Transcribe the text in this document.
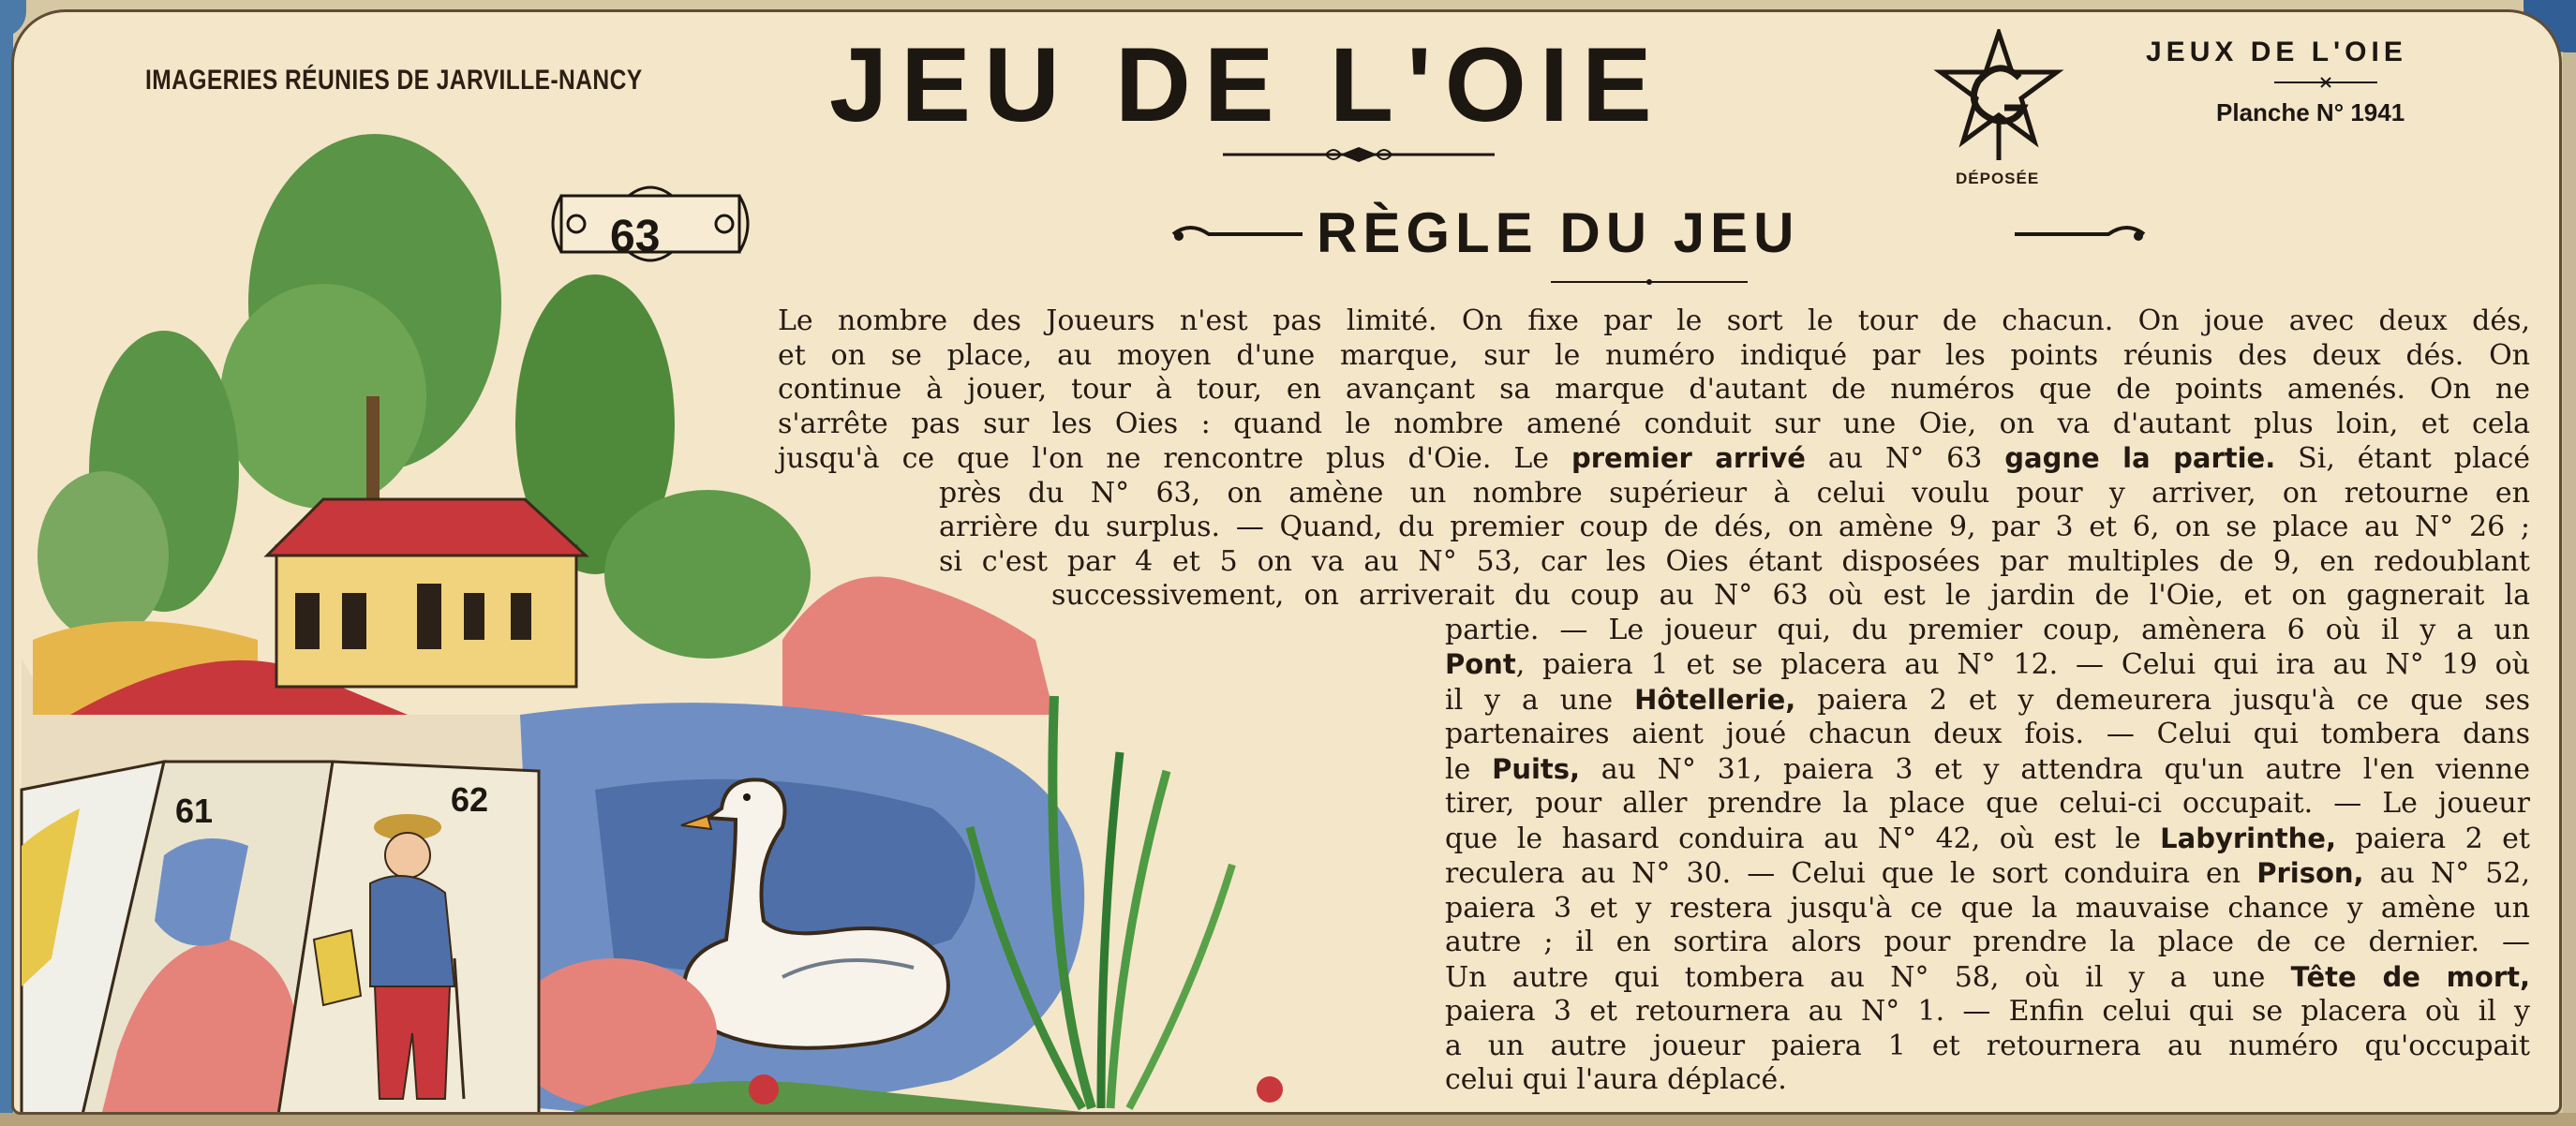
IMAGERIES RÉUNIES DE JARVILLE-NANCY JEU DE L'OIE
RÈGLE DU JEU
DÉPOSÉE
JEUX DE L'OIE
Planche N° 1941
61	62
63
Le nombre des Joueurs n'est pas limité. On fixe par le sort le tour de chacun. On joue avec deux dés,
et on se place, au moyen d'une marque, sur le numéro indiqué par les points réunis des deux dés. On
continue à jouer, tour à tour, en avançant sa marque d'autant de numéros que de points amenés. On ne
s'arrête pas sur les Oies : quand le nombre amené conduit sur une Oie, on va d'autant plus loin, et cela
jusqu'à ce que l'on ne rencontre plus d'Oie. Le premier arrivé au N° 63 gagne la partie. Si, étant placé
près du N° 63, on amène un nombre supérieur à celui voulu pour y arriver, on retourne en
arrière du surplus. — Quand, du premier coup de dés, on amène 9, par 3 et 6, on se place au N° 26 ;
si c'est par 4 et 5 on va au N° 53, car les Oies étant disposées par multiples de 9, en redoublant
successivement, on arriverait du coup au N° 63 où est le jardin de l'Oie, et on gagnerait la
partie. — Le joueur qui, du premier coup, amènera 6 où il y a un
Pont, paiera 1 et se placera au N° 12. — Celui qui ira au N° 19 où
il y a une Hôtellerie, paiera 2 et y demeurera jusqu'à ce que ses
partenaires aient joué chacun deux fois. — Celui qui tombera dans
le Puits, au N° 31, paiera 3 et y attendra qu'un autre l'en vienne
tirer, pour aller prendre la place que celui-ci occupait. — Le joueur
que le hasard conduira au N° 42, où est le Labyrinthe, paiera 2 et
reculera au N° 30. — Celui que le sort conduira en Prison, au N° 52,
paiera 3 et y restera jusqu'à ce que la mauvaise chance y amène un
autre ; il en sortira alors pour prendre la place de ce dernier. —
Un autre qui tombera au N° 58, où il y a une Tête de mort,
paiera 3 et retournera au N° 1. — Enfin celui qui se placera où il y
a un autre joueur paiera 1 et retournera au numéro qu'occupait
celui qui l'aura déplacé.
